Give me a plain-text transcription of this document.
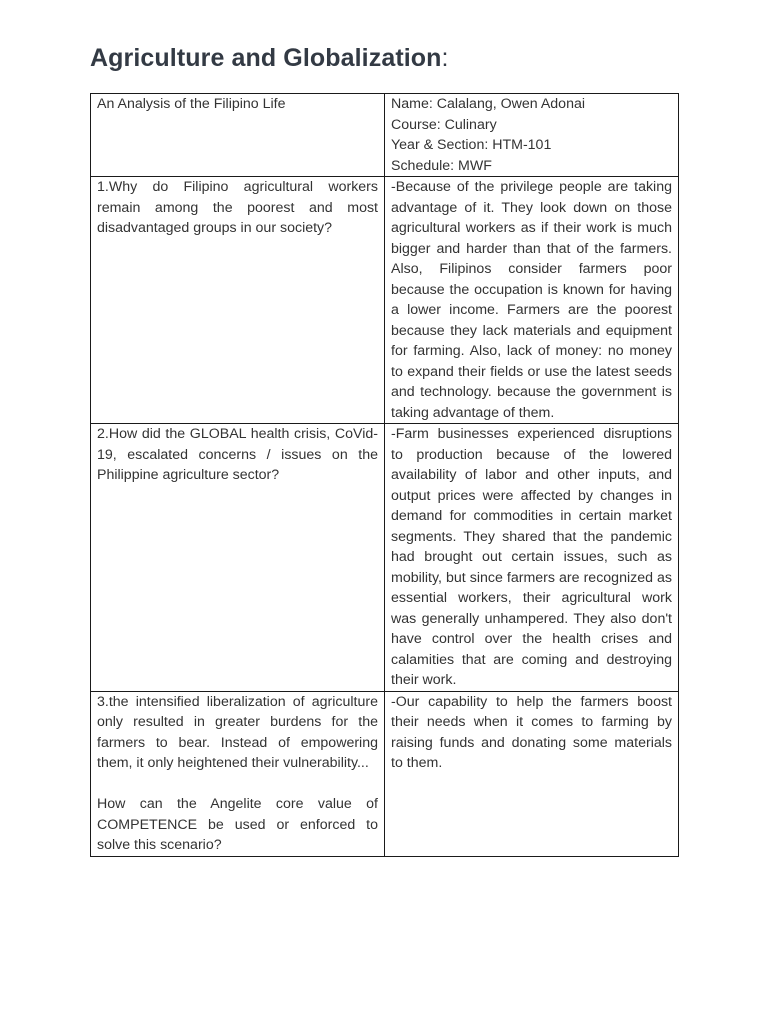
Agriculture and Globalization:
An Analysis of the Filipino Life	Name: Calalang, Owen Adonai
Course: Culinary
Year & Section: HTM-101
Schedule: MWF

1.Why do Filipino agricultural workers remain among the poorest and most disadvantaged groups in our society?	-Because of the privilege people are taking advantage of it. They look down on those agricultural workers as if their work is much bigger and harder than that of the farmers. Also, Filipinos consider farmers poor because the occupation is known for having a lower income. Farmers are the poorest because they lack materials and equipment for farming. Also, lack of money: no money to expand their fields or use the latest seeds and technology. because the government is taking advantage of them.

2.How did the GLOBAL health crisis, CoVid-19, escalated concerns / issues on the Philippine agriculture sector?	-Farm businesses experienced disruptions to production because of the lowered availability of labor and other inputs, and output prices were affected by changes in demand for commodities in certain market segments. They shared that the pandemic had brought out certain issues, such as mobility, but since farmers are recognized as essential workers, their agricultural work was generally unhampered. They also don't have control over the health crises and calamities that are coming and destroying their work.

3.the intensified liberalization of agriculture only resulted in greater burdens for the farmers to bear. Instead of empowering them, it only heightened their vulnerability...
How can the Angelite core value of COMPETENCE be used or enforced to solve this scenario?	-Our capability to help the farmers boost their needs when it comes to farming by raising funds and donating some materials to them.
